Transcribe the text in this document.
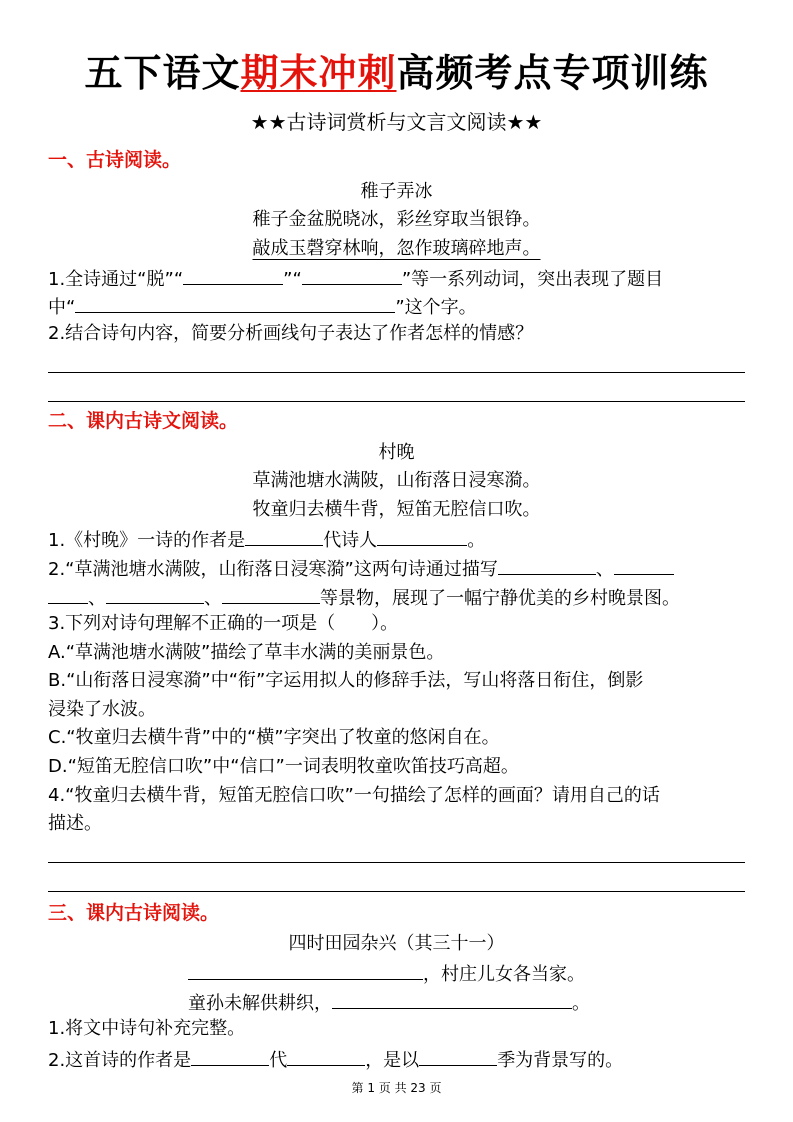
五下语文期末冲刺高频考点专项训练
★★古诗词赏析与文言文阅读★★
一、古诗阅读。
稚子弄冰
稚子金盆脱晓冰，彩丝穿取当银铮。
敲成玉磬穿林响，忽作玻璃碎地声。
1.全诗通过“脱”“	”“	”等一系列动词，突出表现了题目
中“	”这个字。
2.结合诗句内容，简要分析画线句子表达了作者怎样的情感？
二、课内古诗文阅读。
村晚
草满池塘水满陂，山衔落日浸寒漪。
牧童归去横牛背，短笛无腔信口吹。
1.《村晚》一诗的作者是	代诗人	。
2.“草满池塘水满陂，山衔落日浸寒漪”这两句诗通过描写	、
、	、	等景物，展现了一幅宁静优美的乡村晚景图。
3.下列对诗句理解不正确的一项是（　　）。
A.“草满池塘水满陂”描绘了草丰水满的美丽景色。
B.“山衔落日浸寒漪”中“衔”字运用拟人的修辞手法，写山将落日衔住，倒影
浸染了水波。
C.“牧童归去横牛背”中的“横”字突出了牧童的悠闲自在。
D.“短笛无腔信口吹”中“信口”一词表明牧童吹笛技巧高超。
4.“牧童归去横牛背，短笛无腔信口吹”一句描绘了怎样的画面？请用自己的话
描述。
三、课内古诗阅读。
四时田园杂兴（其三十一）
，村庄儿女各当家。
童孙未解供耕织，	。
1.将文中诗句补充完整。
2.这首诗的作者是	代	，是以	季为背景写的。
第 1 页 共 23 页
